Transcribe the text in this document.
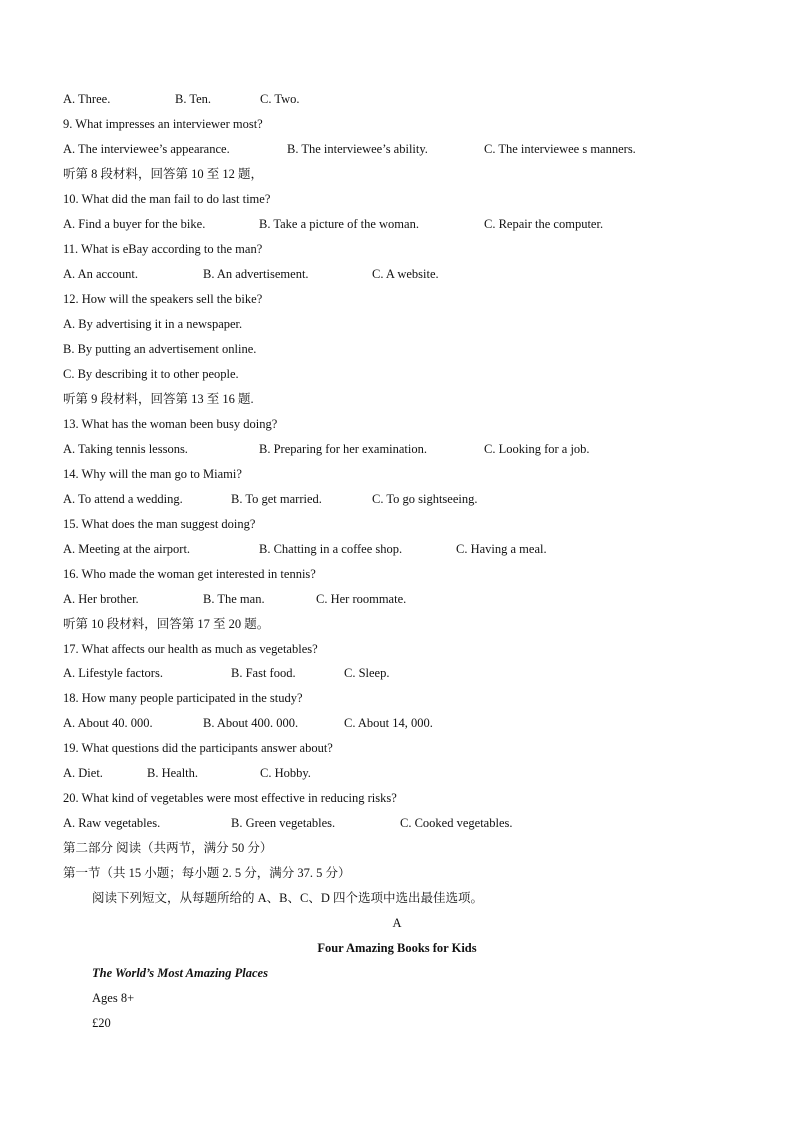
A. Three.	B. Ten.	C. Two.
9. What impresses an interviewer most?
A. The interviewee’s appearance.	B. The interviewee’s ability.	C. The interviewee s manners.
听第 8 段材料，回答第 10 至 12 题，
10. What did the man fail to do last time?
A. Find a buyer for the bike.	B. Take a picture of the woman.	C. Repair the computer.
11. What is eBay according to the man?
A. An account.	B. An advertisement.	C. A website.
12. How will the speakers sell the bike?
A. By advertising it in a newspaper.
B. By putting an advertisement online.
C. By describing it to other people.
听第 9 段材料，回答第 13 至 16 题.
13. What has the woman been busy doing?
A. Taking tennis lessons.	B. Preparing for her examination.	C. Looking for a job.
14. Why will the man go to Miami?
A. To attend a wedding.	B. To get married.	C. To go sightseeing.
15. What does the man suggest doing?
A. Meeting at the airport.	B. Chatting in a coffee shop.	C. Having a meal.
16. Who made the woman get interested in tennis?
A. Her brother.	B. The man.	C. Her roommate.
听第 10 段材料，回答第 17 至 20 题。
17. What affects our health as much as vegetables?
A. Lifestyle factors.	B. Fast food.	C. Sleep.
18. How many people participated in the study?
A. About 40. 000.	B. About 400. 000.	C. About 14, 000.
19. What questions did the participants answer about?
A. Diet.	B. Health.	C. Hobby.
20. What kind of vegetables were most effective in reducing risks?
A. Raw vegetables.	B. Green vegetables.	C. Cooked vegetables.
第二部分 阅读（共两节，满分 50 分）
第一节（共 15 小题；每小题 2. 5 分，满分 37. 5 分）
阅读下列短文，从每题所给的 A、B、C、D 四个选项中选出最佳选项。
A
Four Amazing Books for Kids
The World’s Most Amazing Places
Ages 8+
£20
